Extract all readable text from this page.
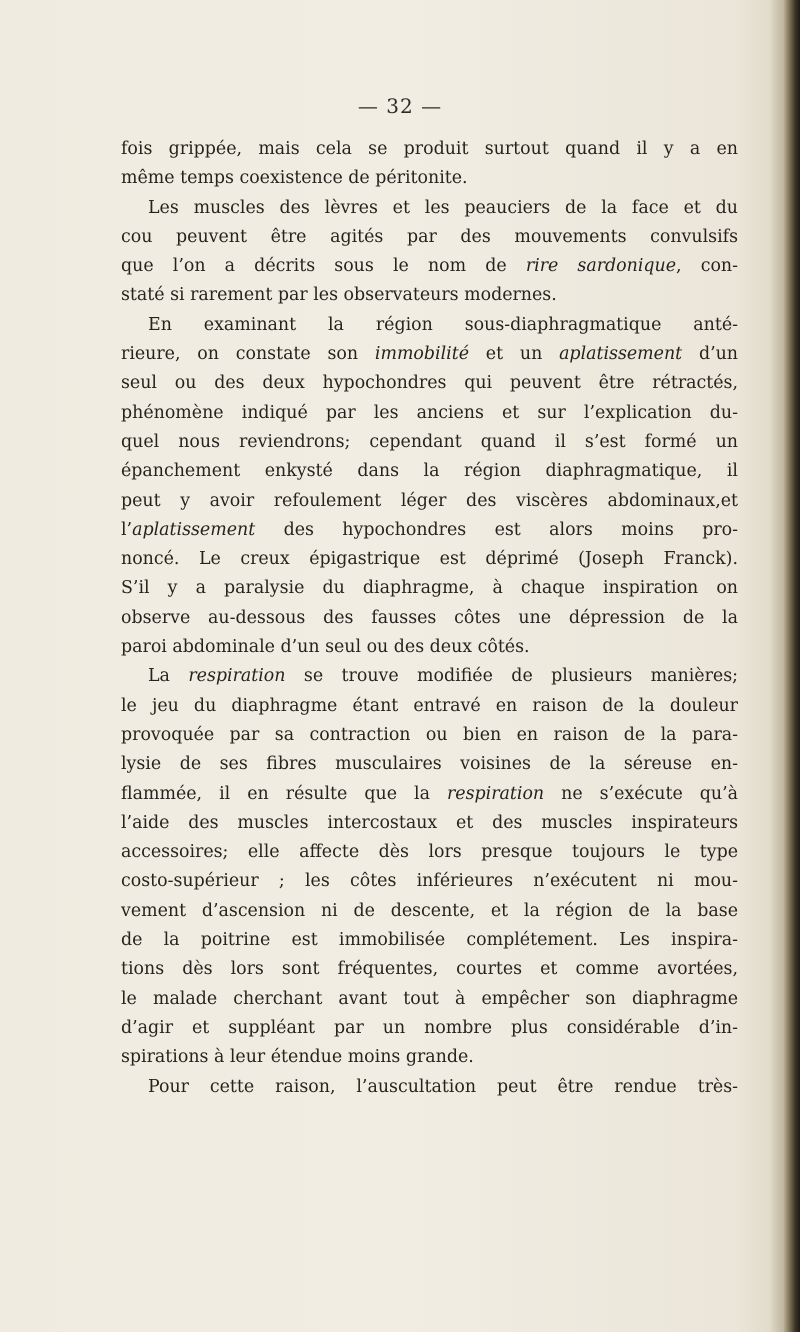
— 32 —

fois grippée, mais cela se produit surtout quand il y a en
même temps coexistence de péritonite.
Les muscles des lèvres et les peauciers de la face et du
cou peuvent être agités par des mouvements convulsifs
que l’on a décrits sous le nom de rire sardonique, con-
staté si rarement par les observateurs modernes.
En examinant la région sous-diaphragmatique anté-
rieure, on constate son immobilité et un aplatissement d’un
seul ou des deux hypochondres qui peuvent être rétractés,
phénomène indiqué par les anciens et sur l’explication du-
quel nous reviendrons; cependant quand il s’est formé un
épanchement enkysté dans la région diaphragmatique, il
peut y avoir refoulement léger des viscères abdominaux,et
l’aplatissement des hypochondres est alors moins pro-
noncé. Le creux épigastrique est déprimé (Joseph Franck).
S’il y a paralysie du diaphragme, à chaque inspiration on
observe au-dessous des fausses côtes une dépression de la
paroi abdominale d’un seul ou des deux côtés.
La respiration se trouve modifiée de plusieurs manières;
le jeu du diaphragme étant entravé en raison de la douleur
provoquée par sa contraction ou bien en raison de la para-
lysie de ses fibres musculaires voisines de la séreuse en-
flammée, il en résulte que la respiration ne s’exécute qu’à
l’aide des muscles intercostaux et des muscles inspirateurs
accessoires; elle affecte dès lors presque toujours le type
costo-supérieur ; les côtes inférieures n’exécutent ni mou-
vement d’ascension ni de descente, et la région de la base
de la poitrine est immobilisée complétement. Les inspira-
tions dès lors sont fréquentes, courtes et comme avortées,
le malade cherchant avant tout à empêcher son diaphragme
d’agir et suppléant par un nombre plus considérable d’in-
spirations à leur étendue moins grande.
Pour cette raison, l’auscultation peut être rendue très-
